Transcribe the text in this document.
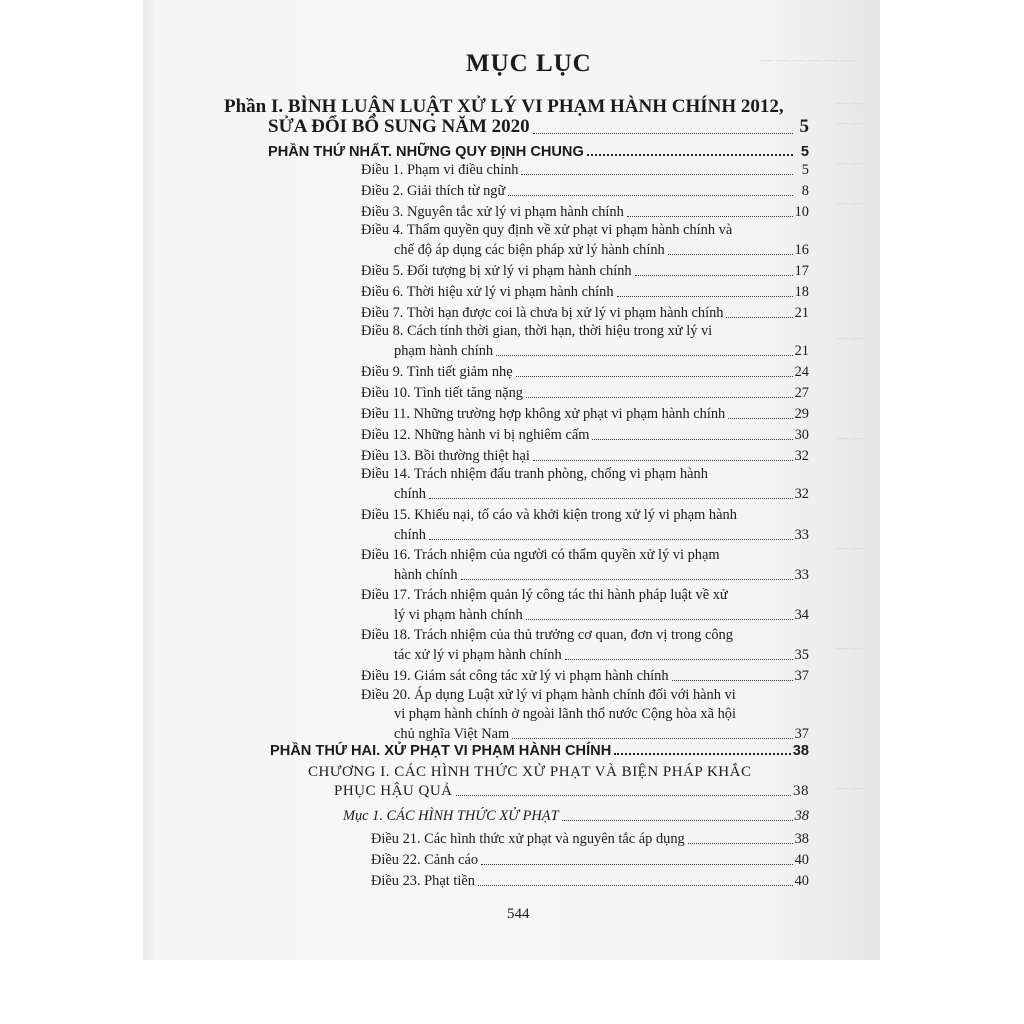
— — — — — —
— —
— —
— —
— —
— —
— —
— —
— —
— —
MỤC LỤC
Phần I. BÌNH LUẬN LUẬT XỬ LÝ VI PHẠM HÀNH CHÍNH 2012,
SỬA ĐỔI BỔ SUNG NĂM 2020	5
PHẦN THỨ NHẤT. NHỮNG QUY ĐỊNH CHUNG	5
Điều 1. Phạm vi điều chỉnh	5
Điều 2. Giải thích từ ngữ	8
Điều 3. Nguyên tắc xử lý vi phạm hành chính	10
Điều 4. Thẩm quyền quy định về xử phạt vi phạm hành chính và
chế độ áp dụng các biện pháp xử lý hành chính	16
Điều 5. Đối tượng bị xử lý vi phạm hành chính	17
Điều 6. Thời hiệu xử lý vi phạm hành chính	18
Điều 7. Thời hạn được coi là chưa bị xử lý vi phạm hành chính	21
Điều 8. Cách tính thời gian, thời hạn, thời hiệu trong xử lý vi
phạm hành chính	21
Điều 9. Tình tiết giảm nhẹ	24
Điều 10. Tình tiết tăng nặng	27
Điều 11. Những trường hợp không xử phạt vi phạm hành chính	29
Điều 12. Những hành vi bị nghiêm cấm	30
Điều 13. Bồi thường thiệt hại	32
Điều 14. Trách nhiệm đấu tranh phòng, chống vi phạm hành
chính	32
Điều 15. Khiếu nại, tố cáo và khởi kiện trong xử lý vi phạm hành
chính	33
Điều 16. Trách nhiệm của người có thẩm quyền xử lý vi phạm
hành chính	33
Điều 17. Trách nhiệm quản lý công tác thi hành pháp luật về xử
lý vi phạm hành chính	34
Điều 18. Trách nhiệm của thủ trưởng cơ quan, đơn vị trong công
tác xử lý vi phạm hành chính	35
Điều 19. Giám sát công tác xử lý vi phạm hành chính	37
Điều 20. Áp dụng Luật xử lý vi phạm hành chính đối với hành vi
vi phạm hành chính ở ngoài lãnh thổ nước Cộng hòa xã hội
chủ nghĩa Việt Nam	37
PHẦN THỨ HAI. XỬ PHẠT VI PHẠM HÀNH CHÍNH	38
CHƯƠNG I. CÁC HÌNH THỨC XỬ PHẠT VÀ BIỆN PHÁP KHẮC
PHỤC HẬU QUẢ	38
Mục 1. CÁC HÌNH THỨC XỬ PHẠT	38
Điều 21. Các hình thức xử phạt và nguyên tắc áp dụng	38
Điều 22. Cảnh cáo	40
Điều 23. Phạt tiền	40
544
